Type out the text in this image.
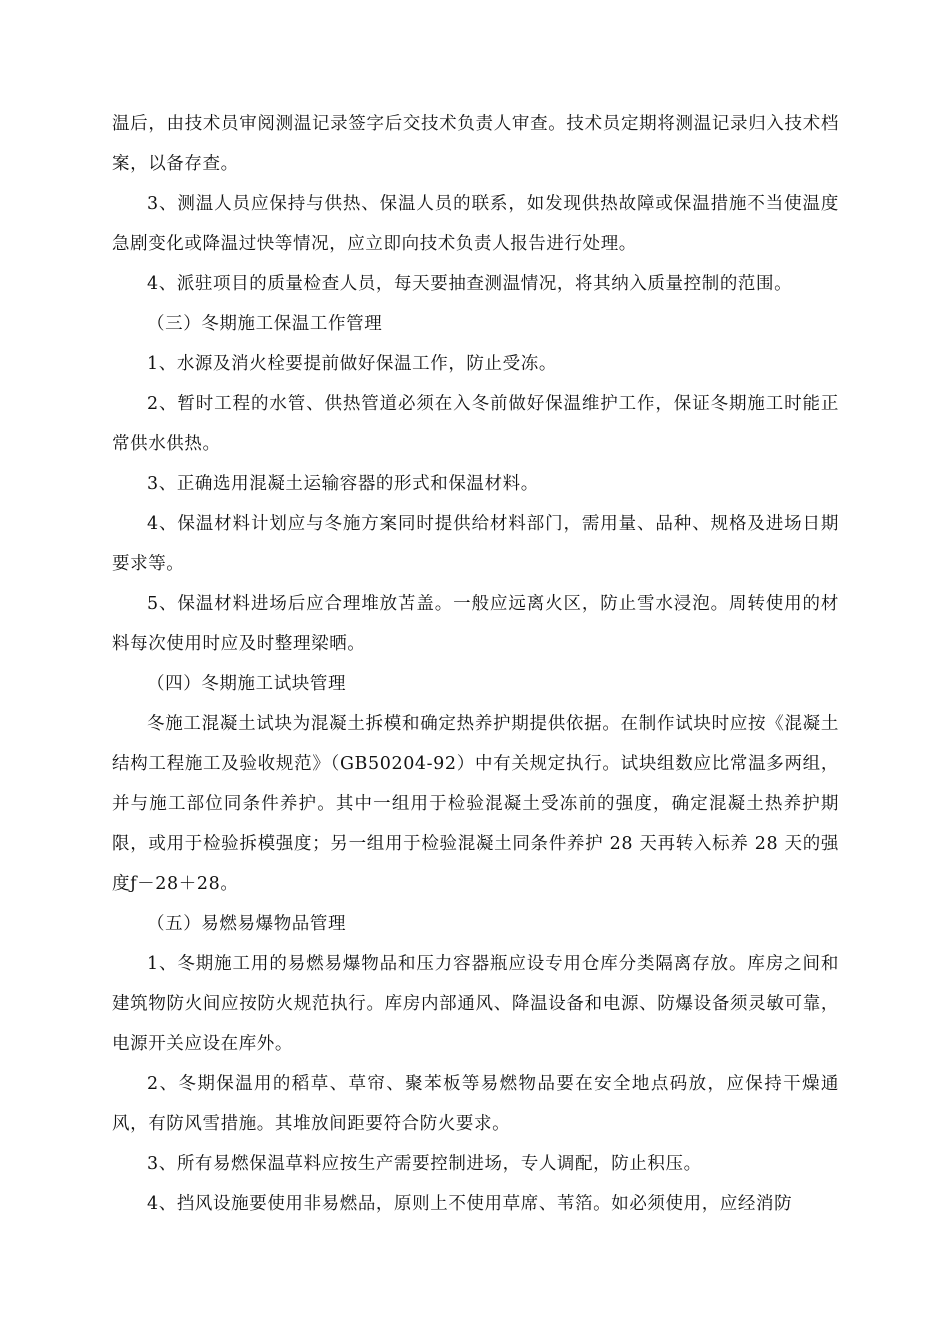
温后，由技术员审阅测温记录签字后交技术负责人审查。技术员定期将测温记录归入技术档案，以备存查。

3、测温人员应保持与供热、保温人员的联系，如发现供热故障或保温措施不当使温度急剧变化或降温过快等情况，应立即向技术负责人报告进行处理。

4、派驻项目的质量检查人员，每天要抽查测温情况，将其纳入质量控制的范围。

（三）冬期施工保温工作管理

1、水源及消火栓要提前做好保温工作，防止受冻。

2、暂时工程的水管、供热管道必须在入冬前做好保温维护工作，保证冬期施工时能正常供水供热。

3、正确选用混凝土运输容器的形式和保温材料。

4、保温材料计划应与冬施方案同时提供给材料部门，需用量、品种、规格及进场日期要求等。

5、保温材料进场后应合理堆放苫盖。一般应远离火区，防止雪水浸泡。周转使用的材料每次使用时应及时整理梁晒。

（四）冬期施工试块管理

冬施工混凝土试块为混凝土拆模和确定热养护期提供依据。在制作试块时应按《混凝土结构工程施工及验收规范》（GB50204-92）中有关规定执行。试块组数应比常温多两组，并与施工部位同条件养护。其中一组用于检验混凝土受冻前的强度，确定混凝土热养护期限，或用于检验拆模强度；另一组用于检验混凝土同条件养护 28 天再转入标养 28 天的强度ƒ－28＋28。

（五）易燃易爆物品管理

1、冬期施工用的易燃易爆物品和压力容器瓶应设专用仓库分类隔离存放。库房之间和建筑物防火间应按防火规范执行。库房内部通风、降温设备和电源、防爆设备须灵敏可靠，电源开关应设在库外。

2、冬期保温用的稻草、草帘、聚苯板等易燃物品要在安全地点码放，应保持干燥通风，有防风雪措施。其堆放间距要符合防火要求。

3、所有易燃保温草料应按生产需要控制进场，专人调配，防止积压。

4、挡风设施要使用非易燃品，原则上不使用草席、苇箔。如必须使用，应经消防
